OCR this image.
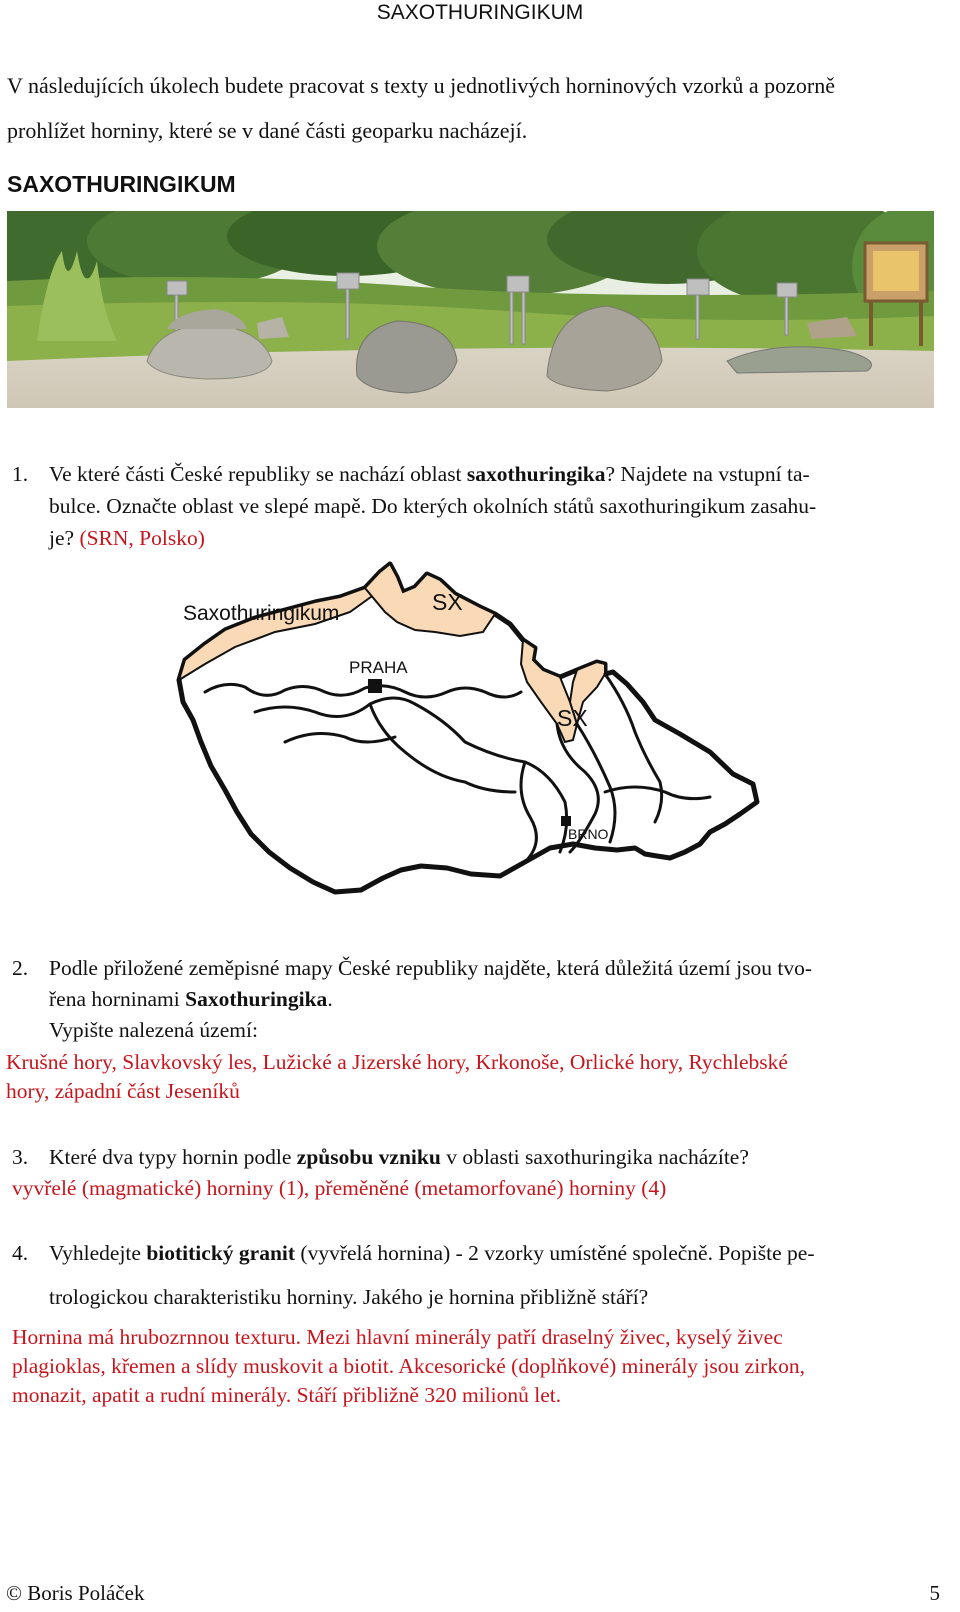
SAXOTHURINGIKUM
V následujících úkolech budete pracovat s texty u jednotlivých horninových vzorků a pozorně
prohlížet horniny, které se v dané části geoparku nacházejí.
SAXOTHURINGIKUM
1. Ve které části České republiky se nachází oblast saxothuringika? Najdete na vstupní ta-
bulce. Označte oblast ve slepé mapě. Do kterých okolních států saxothuringikum zasahu-
je? (SRN, Polsko)
Saxothuringikum	SX
SX
PRAHA
BRNO
2. Podle přiložené zeměpisné mapy České republiky najděte, která důležitá území jsou tvo-
řena horninami Saxothuringika.
Vypište nalezená území:
Krušné hory, Slavkovský les, Lužické a Jizerské hory, Krkonoše, Orlické hory, Rychlebské
hory, západní část Jeseníků
3. Které dva typy hornin podle způsobu vzniku v oblasti saxothuringika nacházíte?
vyvřelé (magmatické) horniny (1), přeměněné (metamorfované) horniny (4)
4. Vyhledejte biotitický granit (vyvřelá hornina) - 2 vzorky umístěné společně. Popište pe-
trologickou charakteristiku horniny. Jakého je hornina přibližně stáří?
Hornina má hrubozrnnou texturu. Mezi hlavní minerály patří draselný živec, kyselý živec
plagioklas, křemen a slídy muskovit a biotit. Akcesorické (doplňkové) minerály jsou zirkon,
monazit, apatit a rudní minerály. Stáří přibližně 320 milionů let.
© Boris Poláček	5
